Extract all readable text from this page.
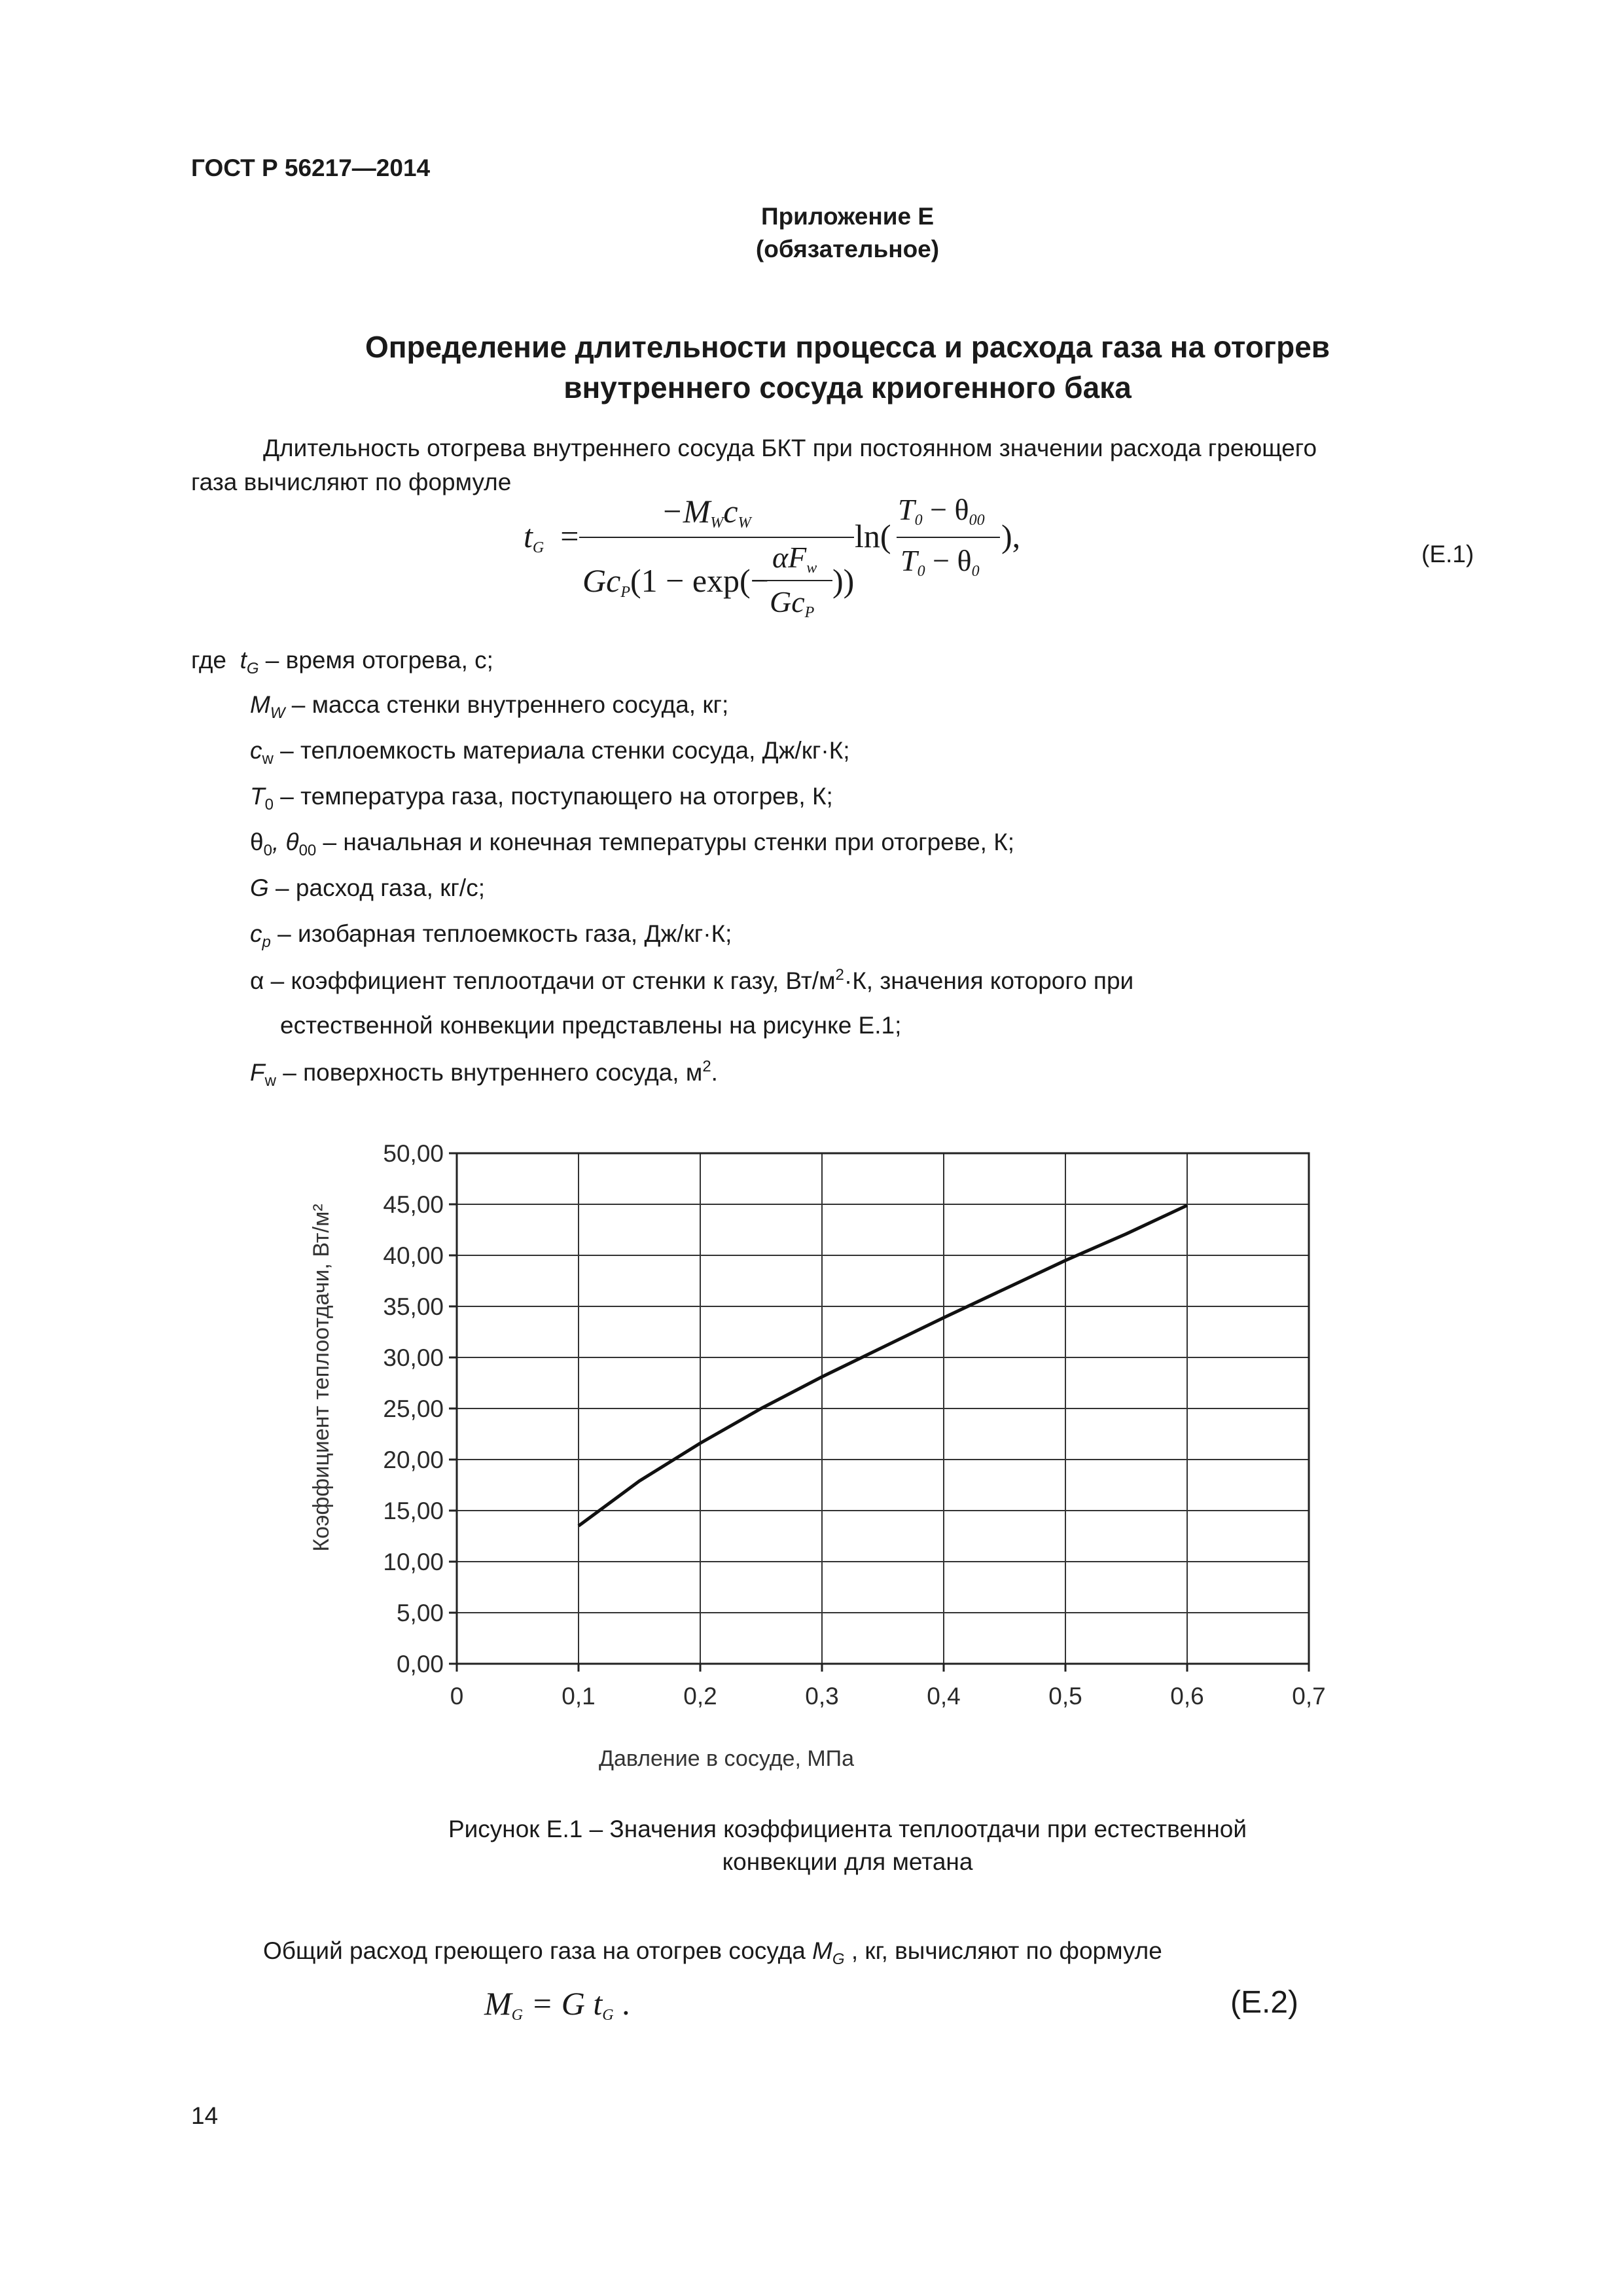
ГОСТ Р 56217—2014
Приложение Е
(обязательное)
Определение длительности процесса и расхода газа на отогрев
внутреннего сосуда криогенного бака
Длительность отогрева внутреннего сосуда БКТ при постоянном значении расхода греющего
газа вычисляют по формуле
$t_G$  =
$-M_Wc_W$
$Gc_P(1 - \exp(-$
$\alpha F_w$
$Gc_P$
))
ln(
$T_0 - \theta_{00}$
$T_0 - \theta_0$
),	(Е.1)
где $t_G$ – время отогрева, с;
$M_W$ – масса стенки внутреннего сосуда, кг;
$c_w$ – теплоемкость материала стенки сосуда, Дж/кг·К;
$T_0$ – температура газа, поступающего на отогрев, К;
$\theta_0$, $\theta_{00}$ – начальная и конечная температуры стенки при отогреве, К;
G – расход газа, кг/с;
$c_p$ – изобарная теплоемкость газа, Дж/кг·К;
α – коэффициент теплоотдачи от стенки к газу, $Вт/м^2\cdot К$, значения которого при
естественной конвекции представлены на рисунке Е.1;
$F_w$ – поверхность внутреннего сосуда, $м^2$.
0,00
5,00
10,00
15,00
20,00
25,00
30,00
35,00
40,00
45,00
50,00
0	0,1	0,2	0,3	0,4	0,5	0,6	0,7
Давление в сосуде, МПа
Коэффициент теплоотдачи, Вт/м²
Рисунок Е.1 – Значения коэффициента теплоотдачи при естественной
конвекции для метана
Общий расход греющего газа на отогрев сосуда $M_G$ , кг, вычисляют по формуле
$M_G = G$ $t_G$ .	(Е.2)
14
